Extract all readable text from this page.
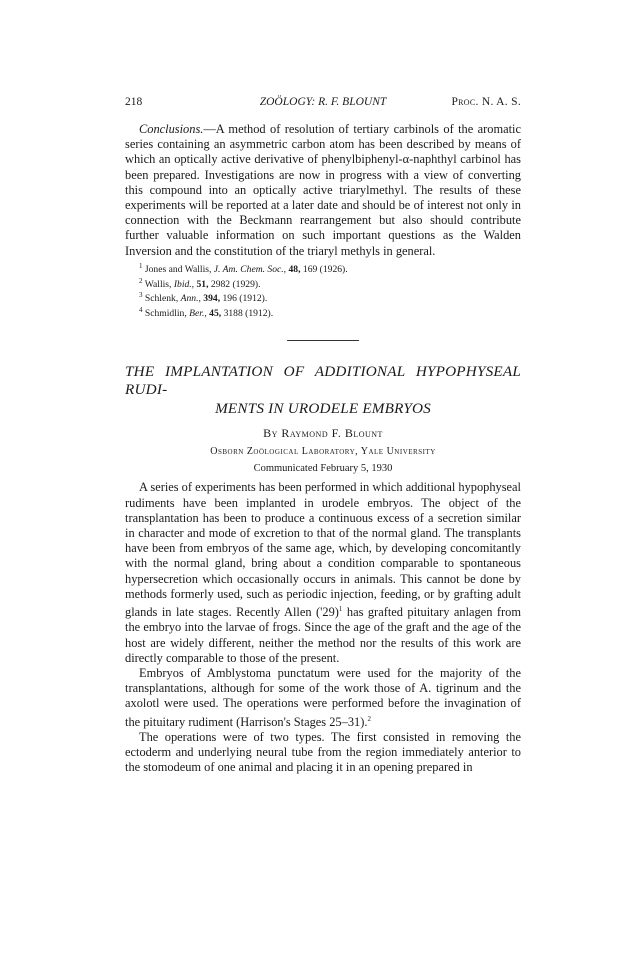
218	ZOÖLOGY: R. F. BLOUNT	Proc. N. A. S.

Conclusions.—A method of resolution of tertiary carbinols of the aromatic series containing an asymmetric carbon atom has been described by means of which an optically active derivative of phenylbiphenyl-α-naphthyl carbinol has been prepared. Investigations are now in progress with a view of converting this compound into an optically active triarylmethyl. The results of these experiments will be reported at a later date and should be of interest not only in connection with the Beckmann rearrangement but also should contribute further valuable information on such important questions as the Walden Inversion and the constitution of the triaryl methyls in general.

$^1$ Jones and Wallis, J. Am. Chem. Soc., 48, 169 (1926).
$^2$ Wallis, Ibid., 51, 2982 (1929).
$^3$ Schlenk, Ann., 394, 196 (1912).
$^4$ Schmidlin, Ber., 45, 3188 (1912).
THE IMPLANTATION OF ADDITIONAL HYPOPHYSEAL RUDI-
MENTS IN URODELE EMBRYOS
By Raymond F. Blount
Osborn Zoölogical Laboratory, Yale University
Communicated February 5, 1930

A series of experiments has been performed in which additional hypophyseal rudiments have been implanted in urodele embryos. The object of the transplantation has been to produce a continuous excess of a secretion similar in character and mode of excretion to that of the normal gland. The transplants have been from embryos of the same age, which, by developing concomitantly with the normal gland, bring about a condition comparable to spontaneous hypersecretion which occasionally occurs in animals. This cannot be done by methods formerly used, such as periodic injection, feeding, or by grafting adult glands in late stages. Recently Allen $('29)^1$ has grafted pituitary anlagen from the embryo into the larvae of frogs. Since the age of the graft and the age of the host are widely different, neither the method nor the results of this work are directly comparable to those of the present.

Embryos of Amblystoma punctatum were used for the majority of the transplantations, although for some of the work those of A. tigrinum and the axolotl were used. The operations were performed before the invagination of the pituitary rudiment (Harrison's Stages 25–31).$^2$

The operations were of two types. The first consisted in removing the ectoderm and underlying neural tube from the region immediately anterior to the stomodeum of one animal and placing it in an opening prepared in
